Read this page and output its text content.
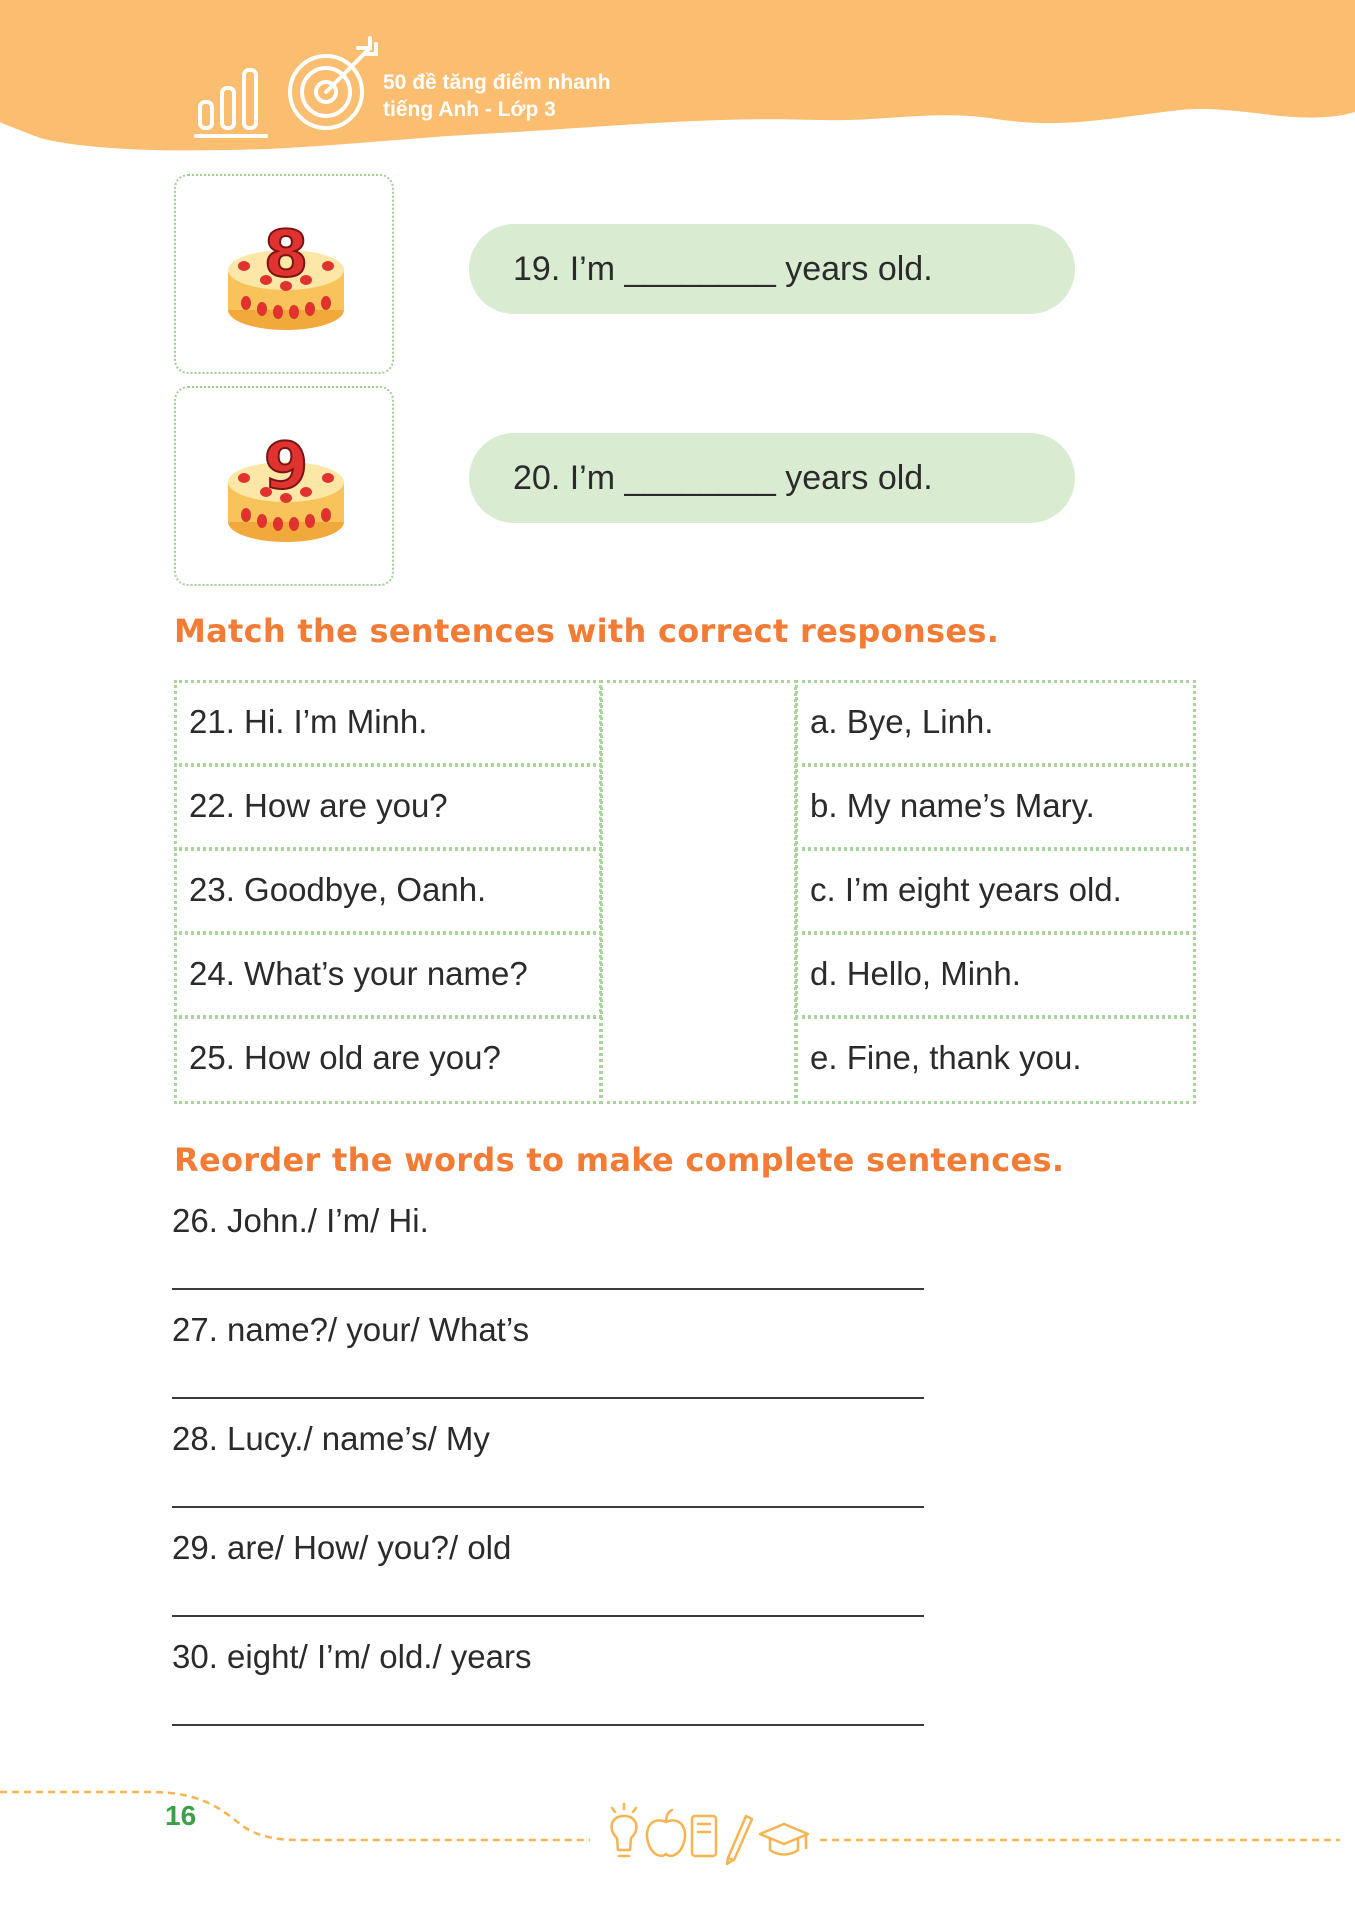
50 đề tăng điểm nhanh
tiếng Anh - Lớp 3
8	19. I’m ________ years old.
9	20. I’m ________ years old.
Match the sentences with correct responses.
21. Hi. I’m Minh.
22. How are you?
23. Goodbye, Oanh.
24. What’s your name?
25. How old are you?
a. Bye, Linh.
b. My name’s Mary.
c. I’m eight years old.
d. Hello, Minh.
e. Fine, thank you.
Reorder the words to make complete sentences.
26. John./ I’m/ Hi.
27. name?/ your/ What’s
28. Lucy./ name’s/ My
29. are/ How/ you?/ old
30. eight/ I’m/ old./ years
16
